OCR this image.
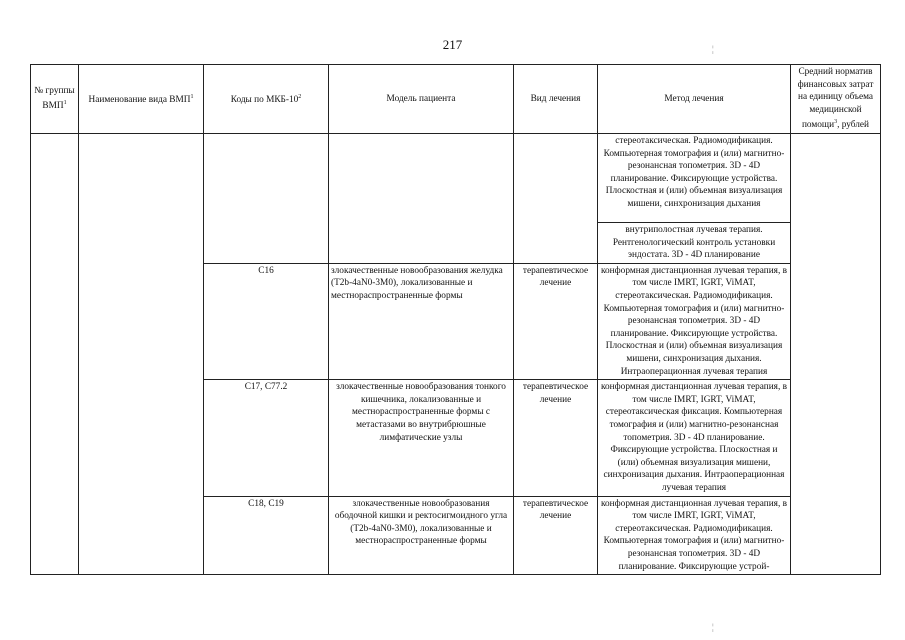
217	¦
№ группы ВМП$^1$	Наименование вида ВМП$^1$	Коды по МКБ-$10^2$	Модель пациента	Вид лечения	Метод лечения	Средний норматив финансовых затрат на единицу объема медицинской помощи$^3$, рублей
					стереотаксическая. Радиомодификация. Компьютерная томография и (или) магнитно-резонансная топометрия. 3D - 4D планирование. Фиксирующие устройства. Плоскостная и (или) объемная визуализация мишени, синхронизация дыхания	
					внутриполостная лучевая терапия. Рентгенологический контроль установки эндостата. 3D - 4D планирование	
		C16	злокачественные новообразования желудка (T2b-4aN0-3M0), локализованные и местнораспространенные формы	терапевтическое лечение	конформная дистанционная лучевая терапия, в том числе IMRT, IGRT, ViMAT, стереотаксическая. Радиомодификация. Компьютерная томография и (или) магнитно-резонансная топометрия. 3D - 4D планирование. Фиксирующие устройства. Плоскостная и (или) объемная визуализация мишени, синхронизация дыхания. Интраоперационная лучевая терапия	

		C17, C77.2	злокачественные новообразования тонкого кишечника, локализованные и местнораспространенные формы с метастазами во внутрибрюшные лимфатические узлы	терапевтическое лечение	конформная дистанционная лучевая терапия, в том числе IMRT, IGRT, ViMAT, стереотаксическая фиксация. Компьютерная томография и (или) магнитно-резонансная топометрия. 3D - 4D планирование. Фиксирующие устройства. Плоскостная и (или) объемная визуализация мишени, синхронизация дыхания. Интраоперационная лучевая терапия	

		C18, C19	злокачественные новообразования ободочной кишки и ректосигмоидного угла (T2b-4aN0-3M0), локализованные и местнораспространенные формы	терапевтическое лечение	конформная дистанционная лучевая терапия, в том числе IMRT, IGRT, ViMAT, стереотаксическая. Радиомодификация. Компьютерная томография и (или) магнитно-резонансная топометрия. 3D - 4D планирование. Фиксирующие устрой-	

¦
